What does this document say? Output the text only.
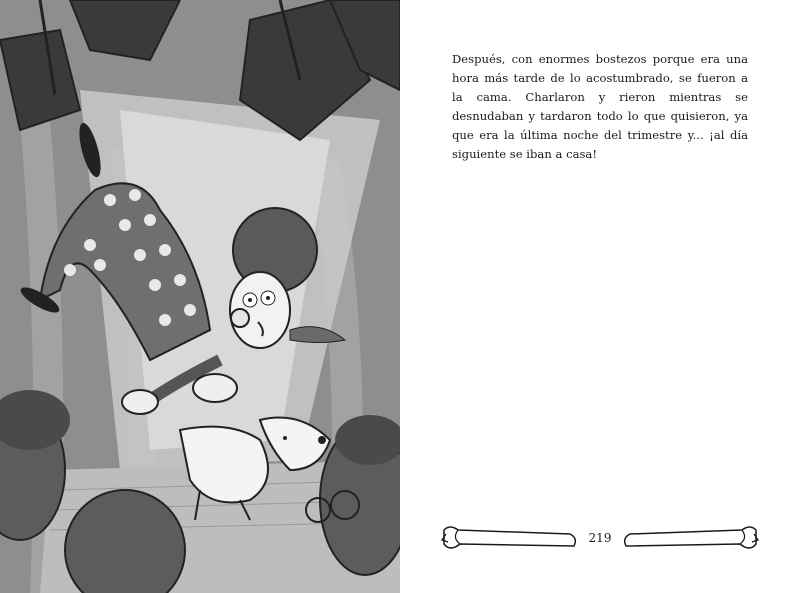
Después, con enormes bostezos porque era una hora más tarde de lo acostumbrado, se fueron a la cama. Charlaron y rieron mientras se desnudaban y tardaron todo lo que quisieron, ya que era la última noche del trimestre y... ¡al día siguiente se iban a casa!

219
